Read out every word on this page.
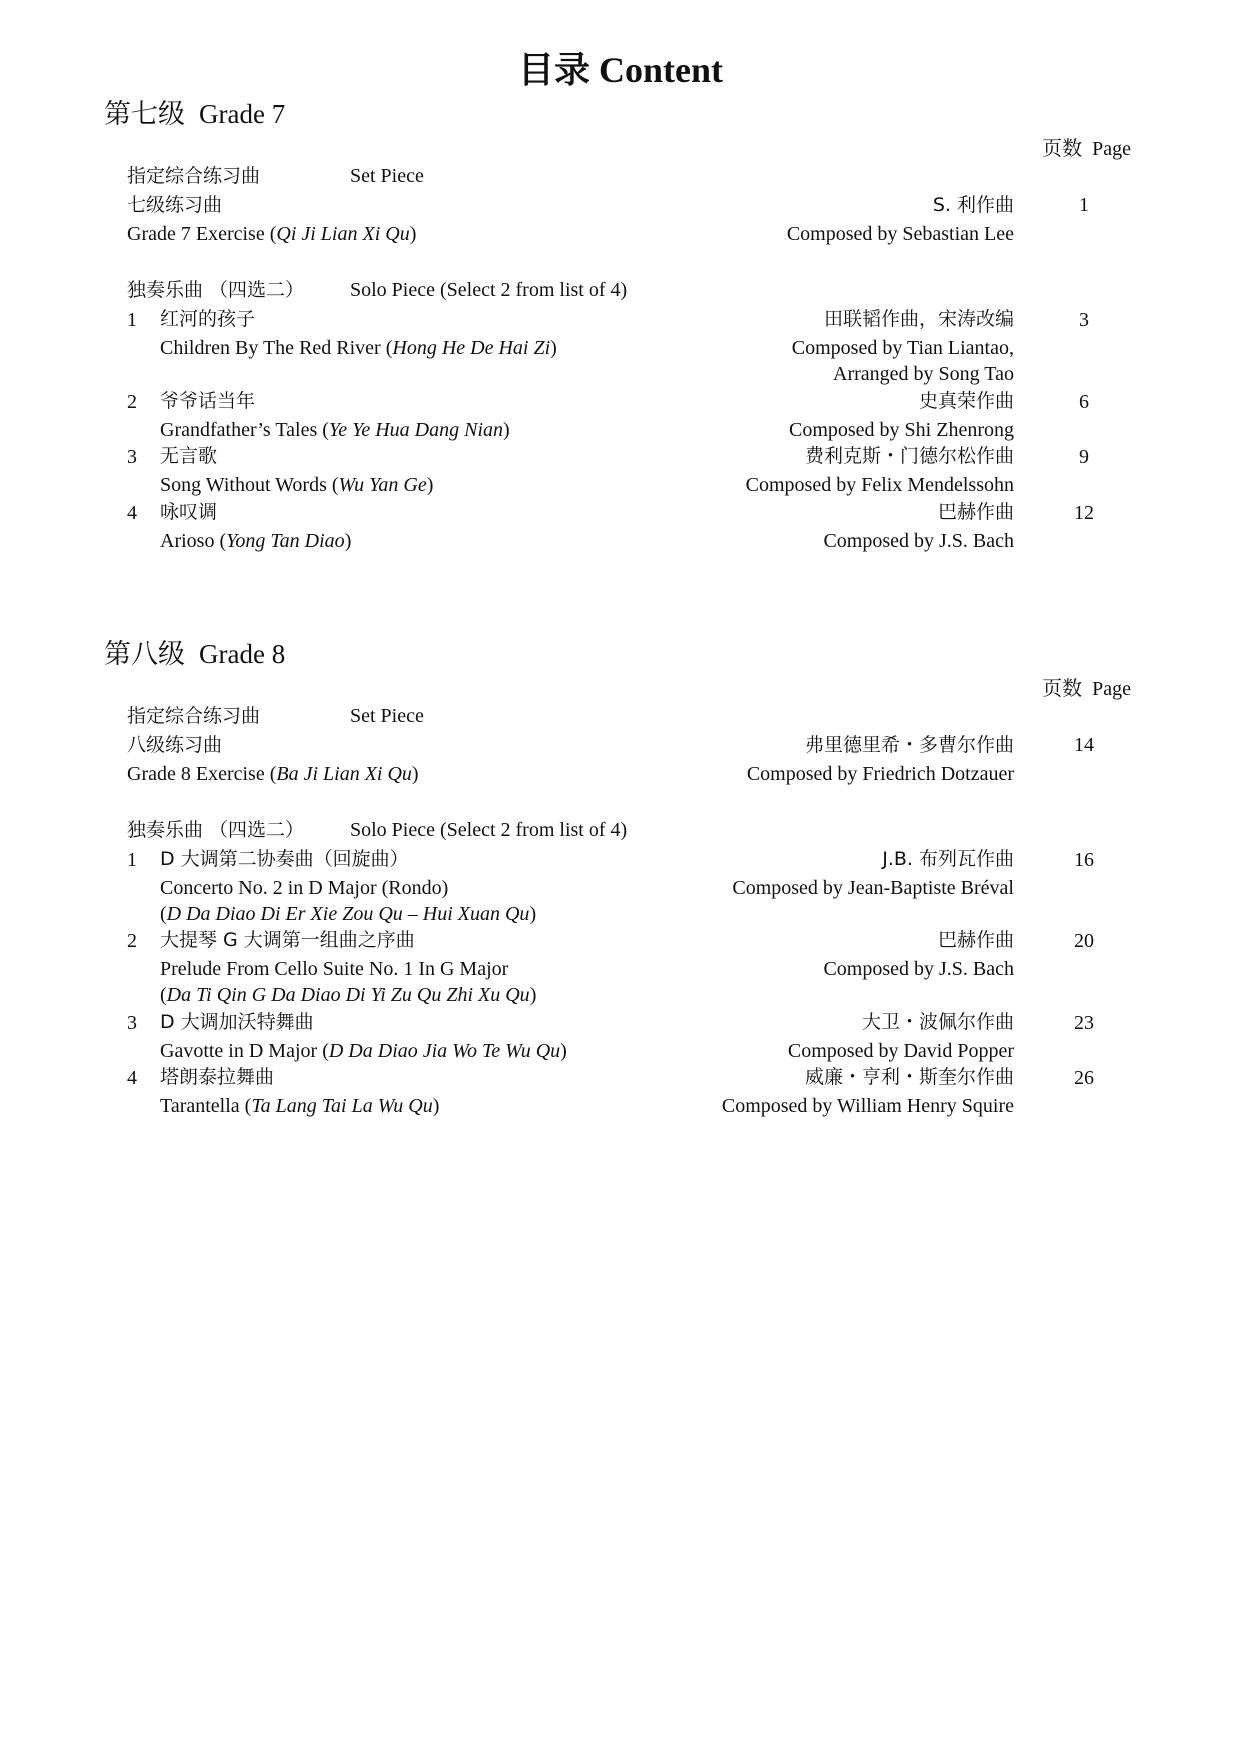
目录 Content
第七级 Grade 7
页数 Page
指定综合练习曲	Set Piece
七级练习曲	S. 利作曲	1
Grade 7 Exercise (Qi Ji Lian Xi Qu)	Composed by Sebastian Lee
独奏乐曲 （四选二） Solo Piece (Select 2 from list of 4)
1 红河的孩子	田联韬作曲，宋涛改编	3
Children By The Red River (Hong He De Hai Zi)	Composed by Tian Liantao,
Arranged by Song Tao
2 爷爷话当年	史真荣作曲	6
Grandfather’s Tales (Ye Ye Hua Dang Nian)	Composed by Shi Zhenrong
3 无言歌	费利克斯・门德尔松作曲	9
Song Without Words (Wu Yan Ge)	Composed by Felix Mendelssohn
4 咏叹调	巴赫作曲	12
Arioso (Yong Tan Diao)	Composed by J.S. Bach
第八级 Grade 8
页数 Page
指定综合练习曲	Set Piece
八级练习曲	弗里德里希・多曹尔作曲	14
Grade 8 Exercise (Ba Ji Lian Xi Qu)	Composed by Friedrich Dotzauer
独奏乐曲 （四选二） Solo Piece (Select 2 from list of 4)
1 D 大调第二协奏曲（回旋曲）	J.B. 布列瓦作曲	16
Concerto No. 2 in D Major (Rondo)	Composed by Jean-Baptiste Bréval
(D Da Diao Di Er Xie Zou Qu – Hui Xuan Qu)
2 大提琴 G 大调第一组曲之序曲	巴赫作曲	20
Prelude From Cello Suite No. 1 In G Major	Composed by J.S. Bach
(Da Ti Qin G Da Diao Di Yi Zu Qu Zhi Xu Qu)
3 D 大调加沃特舞曲	大卫・波佩尔作曲	23
Gavotte in D Major (D Da Diao Jia Wo Te Wu Qu)	Composed by David Popper
4 塔朗泰拉舞曲	威廉・亨利・斯奎尔作曲	26
Tarantella (Ta Lang Tai La Wu Qu)	Composed by William Henry Squire
